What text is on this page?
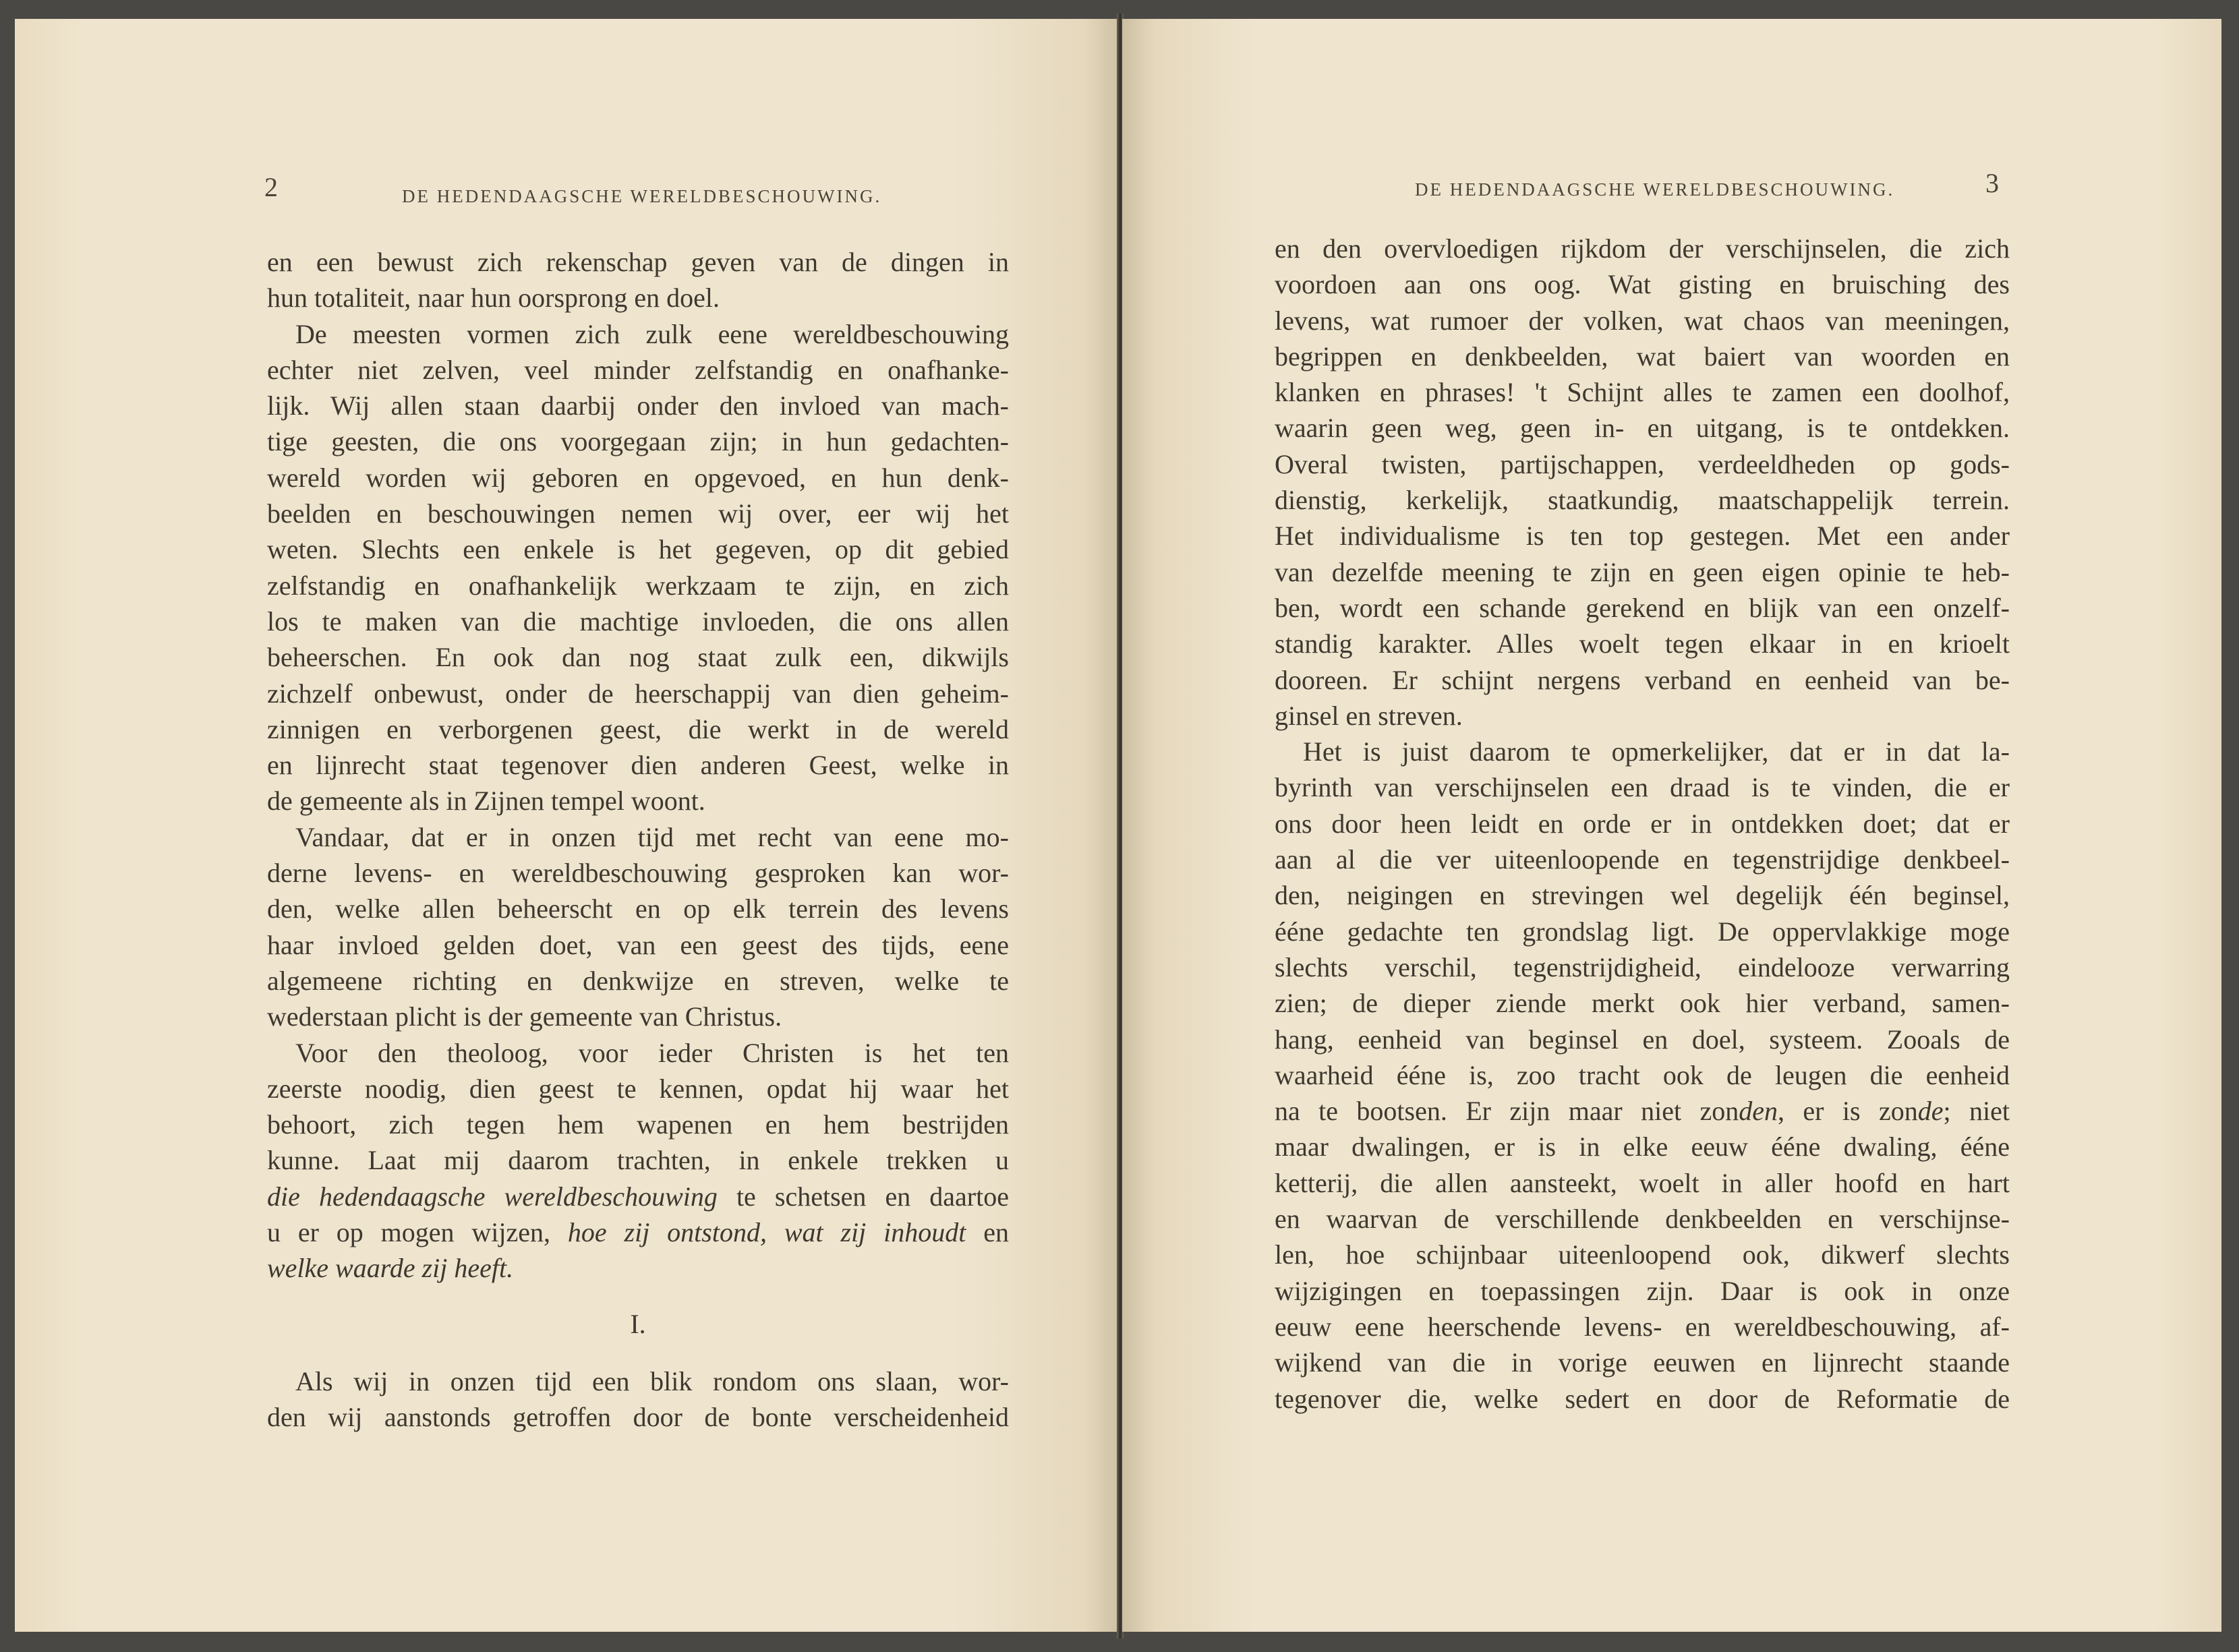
2	DE HEDENDAAGSCHE WERELDBESCHOUWING.
en een bewust zich rekenschap geven van de dingen in
hun totaliteit, naar hun oorsprong en doel.
De meesten vormen zich zulk eene wereldbeschouwing
echter niet zelven, veel minder zelfstandig en onafhanke-
lijk. Wij allen staan daarbij onder den invloed van mach-
tige geesten, die ons voorgegaan zijn; in hun gedachten-
wereld worden wij geboren en opgevoed, en hun denk-
beelden en beschouwingen nemen wij over, eer wij het
weten. Slechts een enkele is het gegeven, op dit gebied
zelfstandig en onafhankelijk werkzaam te zijn, en zich
los te maken van die machtige invloeden, die ons allen
beheerschen. En ook dan nog staat zulk een, dikwijls
zichzelf onbewust, onder de heerschappij van dien geheim-
zinnigen en verborgenen geest, die werkt in de wereld
en lijnrecht staat tegenover dien anderen Geest, welke in
de gemeente als in Zijnen tempel woont.
Vandaar, dat er in onzen tijd met recht van eene mo-
derne levens- en wereldbeschouwing gesproken kan wor-
den, welke allen beheerscht en op elk terrein des levens
haar invloed gelden doet, van een geest des tijds, eene
algemeene richting en denkwijze en streven, welke te
wederstaan plicht is der gemeente van Christus.
Voor den theoloog, voor ieder Christen is het ten
zeerste noodig, dien geest te kennen, opdat hij waar het
behoort, zich tegen hem wapenen en hem bestrijden
kunne. Laat mij daarom trachten, in enkele trekken u
die hedendaagsche wereldbeschouwing te schetsen en daartoe
u er op mogen wijzen, hoe zij ontstond, wat zij inhoudt en
welke waarde zij heeft.
I.
Als wij in onzen tijd een blik rondom ons slaan, wor-
den wij aanstonds getroffen door de bonte verscheidenheid
DE HEDENDAAGSCHE WERELDBESCHOUWING.	3
en den overvloedigen rijkdom der verschijnselen, die zich
voordoen aan ons oog. Wat gisting en bruisching des
levens, wat rumoer der volken, wat chaos van meeningen,
begrippen en denkbeelden, wat baiert van woorden en
klanken en phrases! 't Schijnt alles te zamen een doolhof,
waarin geen weg, geen in- en uitgang, is te ontdekken.
Overal twisten, partijschappen, verdeeldheden op gods-
dienstig, kerkelijk, staatkundig, maatschappelijk terrein.
Het individualisme is ten top gestegen. Met een ander
van dezelfde meening te zijn en geen eigen opinie te heb-
ben, wordt een schande gerekend en blijk van een onzelf-
standig karakter. Alles woelt tegen elkaar in en krioelt
dooreen. Er schijnt nergens verband en eenheid van be-
ginsel en streven.
Het is juist daarom te opmerkelijker, dat er in dat la-
byrinth van verschijnselen een draad is te vinden, die er
ons door heen leidt en orde er in ontdekken doet; dat er
aan al die ver uiteenloopende en tegenstrijdige denkbeel-
den, neigingen en strevingen wel degelijk één beginsel,
ééne gedachte ten grondslag ligt. De oppervlakkige moge
slechts verschil, tegenstrijdigheid, eindelooze verwarring
zien; de dieper ziende merkt ook hier verband, samen-
hang, eenheid van beginsel en doel, systeem. Zooals de
waarheid ééne is, zoo tracht ook de leugen die eenheid
na te bootsen. Er zijn maar niet zonden, er is zonde; niet
maar dwalingen, er is in elke eeuw ééne dwaling, ééne
ketterij, die allen aansteekt, woelt in aller hoofd en hart
en waarvan de verschillende denkbeelden en verschijnse-
len, hoe schijnbaar uiteenloopend ook, dikwerf slechts
wijzigingen en toepassingen zijn. Daar is ook in onze
eeuw eene heerschende levens- en wereldbeschouwing, af-
wijkend van die in vorige eeuwen en lijnrecht staande
tegenover die, welke sedert en door de Reformatie de
